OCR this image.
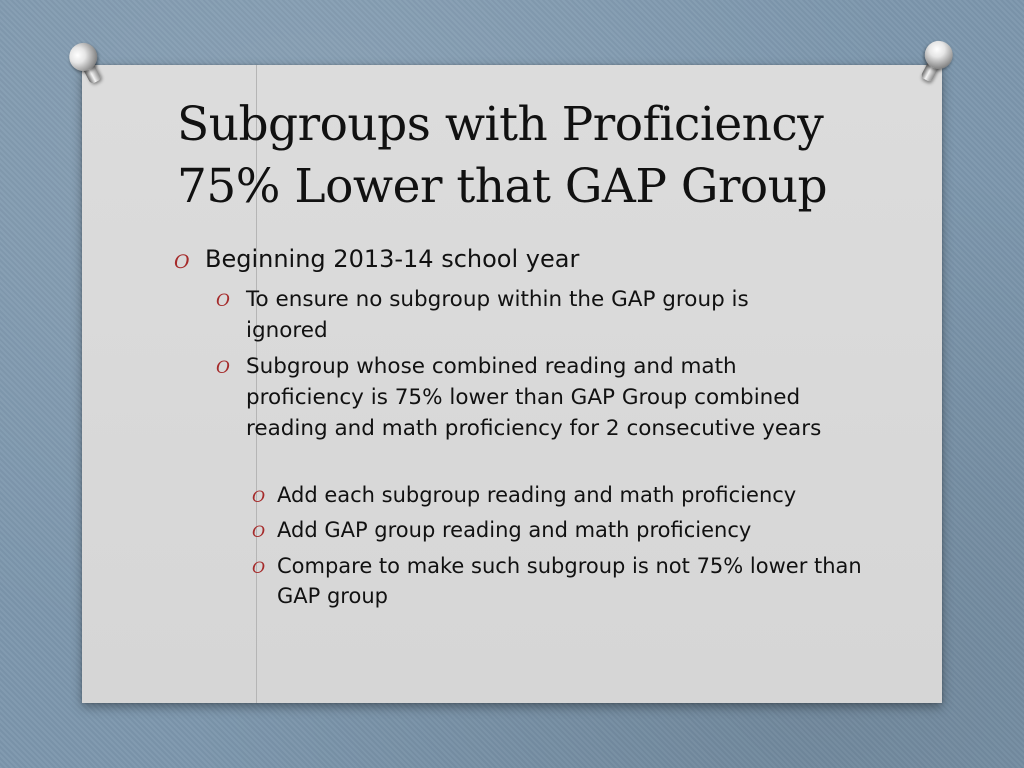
Subgroups with Proficiency
75% Lower that GAP Group
O Beginning 2013-14 school year
O To ensure no subgroup within the GAP group is ignored
O Subgroup whose combined reading and math proficiency is 75% lower than GAP Group combined reading and math proficiency for 2 consecutive years
O Add each subgroup reading and math proficiency
O Add GAP group reading and math proficiency
O Compare to make such subgroup is not 75% lower than GAP group
